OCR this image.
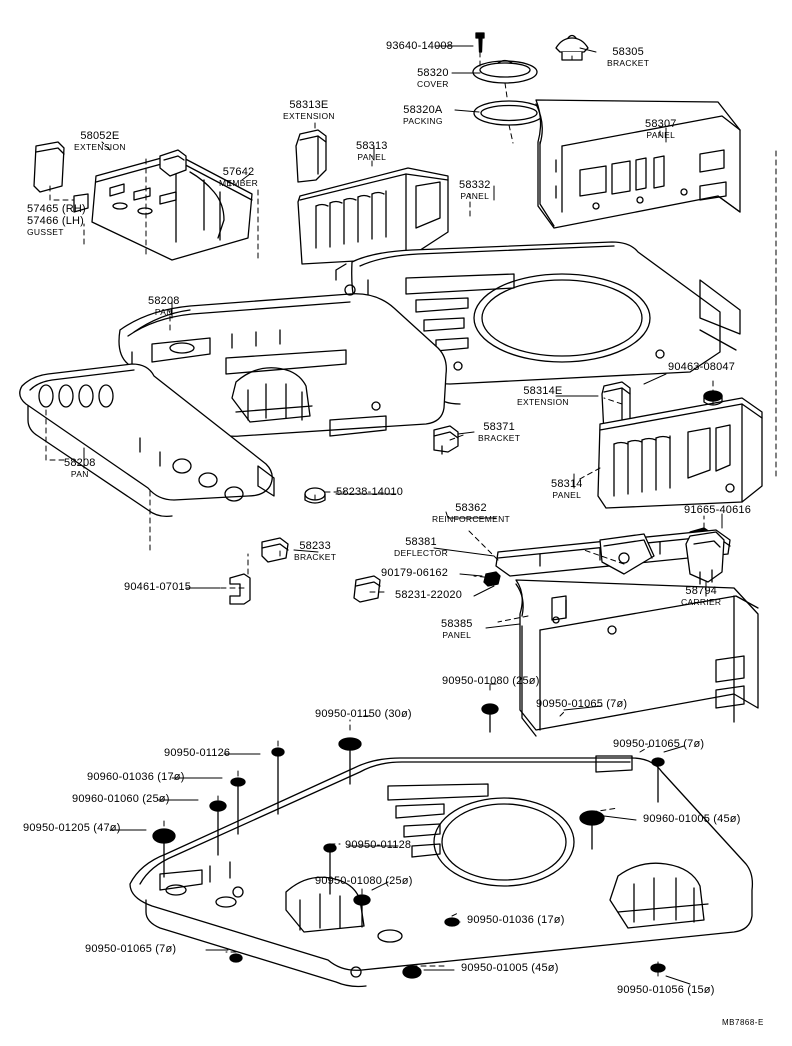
93640-14008	58305
BRACKET
58320
COVER
58313E
EXTENSION	58320A
PACKING	58307
PANEL
58052E
EXTENSION	58313
PANEL
57642
MEMBER	58332
PANEL
57465 (RH)
57466 (LH)
GUSSET
58208
PAN
90463-08047
58314E
EXTENSION
58371
BRACKET
58208
PAN
58314
PANEL
58238-14010
58362
REINFORCEMENT
91665-40616
58381
DEFLECTOR
58233
BRACKET
90179-06162
90461-07015
58231-22020	58794
CARRIER
58385
PANEL
90950-01080 (25ø)
90950-01065 (7ø)
90950-01150 (30ø)
90950-01065 (7ø)
90950-01126
90960-01036 (17ø)
90960-01060 (25ø)
90950-01205 (47ø)
90960-01005 (45ø)
90950-01128
90950-01080 (25ø)
90950-01036 (17ø)
90950-01065 (7ø)
90950-01005 (45ø)
90950-01056 (15ø)
MB7868-E
